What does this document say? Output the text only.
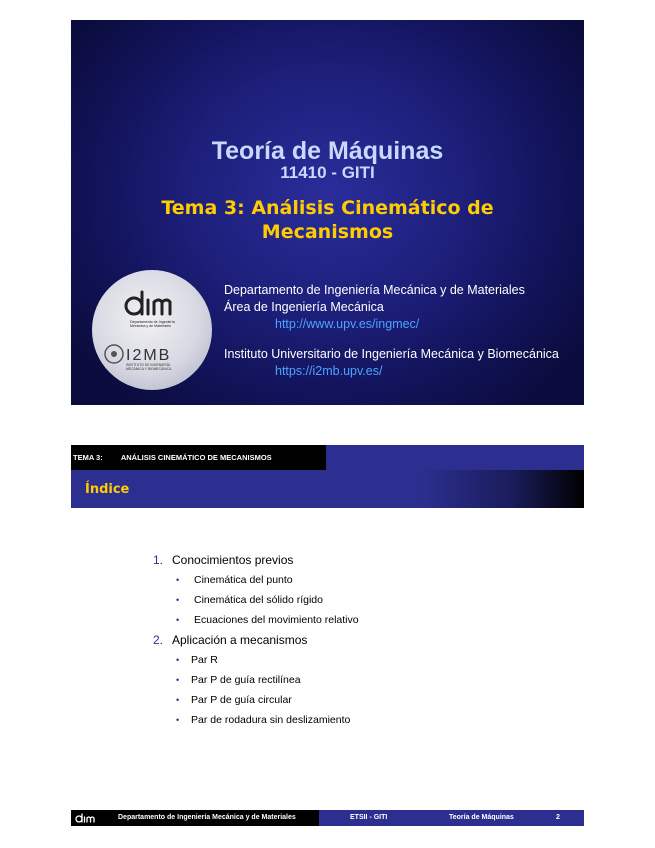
Teoría de Máquinas
11410 - GITI
Tema 3: Análisis Cinemático de
Mecanismos
Departamento de Ingeniería
Mecánica y de Materiales
I2MB
INSTITUTO DE INGENIERÍA
MECÁNICA Y BIOMECÁNICA
Departamento de Ingeniería Mecánica y de Materiales
Área de Ingeniería Mecánica
http://www.upv.es/ingmec/
Instituto Universitario de Ingeniería Mecánica y Biomecánica
https://i2mb.upv.es/
TEMA 3: ANÁLISIS CINEMÁTICO DE MECANISMOS
Índice
1. Conocimientos previos
• Cinemática del punto
• Cinemática del sólido rígido
• Ecuaciones del movimiento relativo
2. Aplicación a mecanismos
• Par R
• Par P de guía rectilínea
• Par P de guía circular
• Par de rodadura sin deslizamiento
Departamento de Ingeniería Mecánica y de Materiales	ETSII - GITI	Teoría de Máquinas	2
